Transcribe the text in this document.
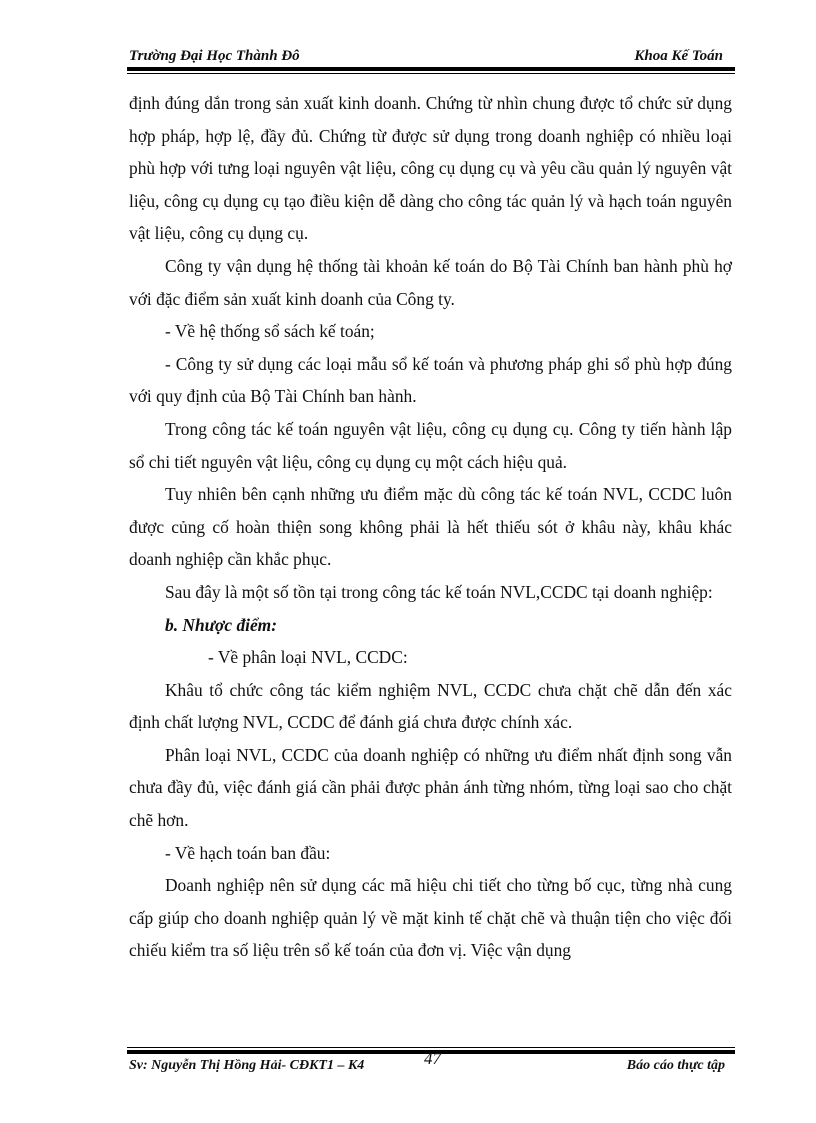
Trường Đại Học Thành Đô	Khoa Kế Toán

định đúng dắn trong sản xuất kinh doanh. Chứng từ nhìn chung được tổ chức sử dụng hợp pháp, hợp lệ, đầy đủ. Chứng từ được sử dụng trong doanh nghiệp có nhiều loại phù hợp với tưng loại nguyên vật liệu, công cụ dụng cụ và yêu cầu quản lý nguyên vật liệu, công cụ dụng cụ tạo điều kiện dễ dàng cho công tác quản lý và hạch toán nguyên vật liệu, công cụ dụng cụ.

Công ty vận dụng hệ thống tài khoản kế toán do Bộ Tài Chính ban hành phù hợ với đặc điểm sản xuất kinh doanh của Công ty.

- Về hệ thống sổ sách kế toán;

- Công ty sử dụng các loại mẫu sổ kế toán và phương pháp ghi sổ phù hợp đúng với quy định của Bộ Tài Chính ban hành.

Trong công tác kế toán nguyên vật liệu, công cụ dụng cụ. Công ty tiến hành lập sổ chi tiết nguyên vật liệu, công cụ dụng cụ một cách hiệu quả.

Tuy nhiên bên cạnh những ưu điểm mặc dù công tác kế toán NVL, CCDC luôn được củng cố hoàn thiện song không phải là hết thiếu sót ở khâu này, khâu khác doanh nghiệp cần khắc phục.

Sau đây là một số tồn tại trong công tác kế toán NVL,CCDC tại doanh nghiệp:

b. Nhược điểm:

- Về phân loại NVL, CCDC:

Khâu tổ chức công tác kiểm nghiệm NVL, CCDC chưa chặt chẽ dẫn đến xác định chất lượng NVL, CCDC để đánh giá chưa được chính xác.

Phân loại NVL, CCDC của doanh nghiệp có những ưu điểm nhất định song vẫn chưa đầy đủ, việc đánh giá cần phải được phản ánh từng nhóm, từng loại sao cho chặt chẽ hơn.

- Về hạch toán ban đầu:

Doanh nghiệp nên sử dụng các mã hiệu chi tiết cho từng bố cục, từng nhà cung cấp giúp cho doanh nghiệp quản lý về mặt kinh tế chặt chẽ và thuận tiện cho việc đối chiếu kiểm tra số liệu trên sổ kế toán của đơn vị. Việc vận dụng

Sv: Nguyễn Thị Hồng Hải- CĐKT1 – K4	Báo cáo thực tập
47
